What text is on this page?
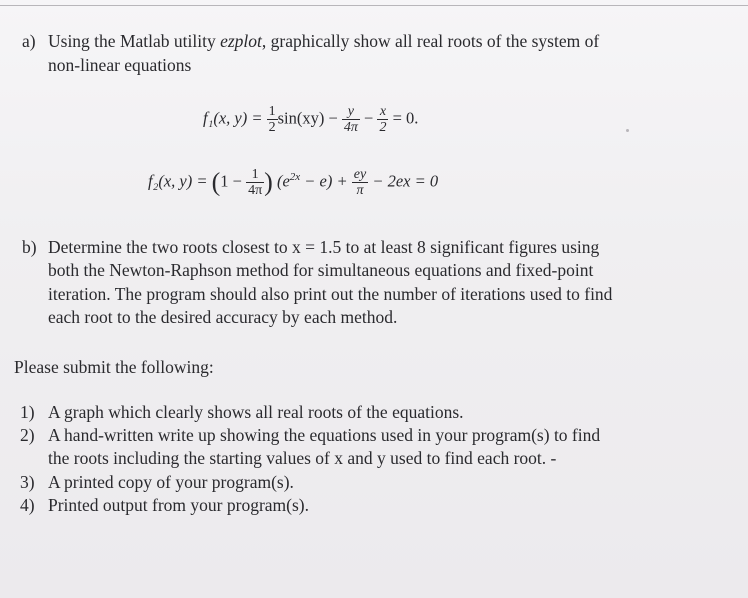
a) Using the Matlab utility ezplot, graphically show all real roots of the system of
non-linear equations
f₁(x, $y) = \frac{1}{2} \sin(xy) - \frac{y}{4\pi} - \frac{x}{2} = 0$.
f₂(x, $y) = (1 - \frac{1}{4\pi}$ ) $(e^{2x} - e) + \frac{ey}{\pi} - 2ex = 0$
b) Determine the two roots closest to x = 1.5 to at least 8 significant figures using
both the Newton-Raphson method for simultaneous equations and fixed-point
iteration. The program should also print out the number of iterations used to find
each root to the desired accuracy by each method.
Please submit the following:
1) A graph which clearly shows all real roots of the equations.
2) A hand-written write up showing the equations used in your program(s) to find
the roots including the starting values of x and y used to find each root. -
3) A printed copy of your program(s).
4) Printed output from your program(s).
